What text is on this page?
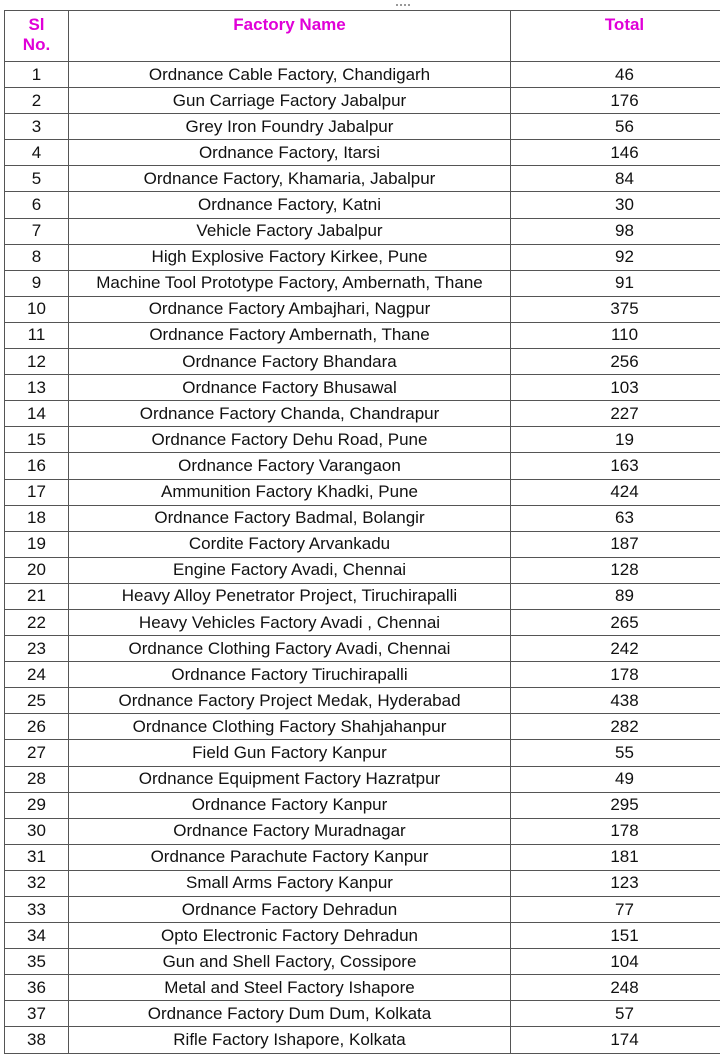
Sl
No.	Factory Name	Total
1	Ordnance Cable Factory, Chandigarh	46
2	Gun Carriage Factory Jabalpur	176
3	Grey Iron Foundry Jabalpur	56
4	Ordnance Factory, Itarsi	146
5	Ordnance Factory, Khamaria, Jabalpur	84
6	Ordnance Factory, Katni	30
7	Vehicle Factory Jabalpur	98
8	High Explosive Factory Kirkee, Pune	92
9	Machine Tool Prototype Factory, Ambernath, Thane	91
10	Ordnance Factory Ambajhari, Nagpur	375
11	Ordnance Factory Ambernath, Thane	110
12	Ordnance Factory Bhandara	256
13	Ordnance Factory Bhusawal	103
14	Ordnance Factory Chanda, Chandrapur	227
15	Ordnance Factory Dehu Road, Pune	19
16	Ordnance Factory Varangaon	163
17	Ammunition Factory Khadki, Pune	424
18	Ordnance Factory Badmal, Bolangir	63
19	Cordite Factory Arvankadu	187
20	Engine Factory Avadi, Chennai	128
21	Heavy Alloy Penetrator Project, Tiruchirapalli	89
22	Heavy Vehicles Factory Avadi , Chennai	265
23	Ordnance Clothing Factory Avadi, Chennai	242
24	Ordnance Factory Tiruchirapalli	178
25	Ordnance Factory Project Medak, Hyderabad	438
26	Ordnance Clothing Factory Shahjahanpur	282
27	Field Gun Factory Kanpur	55
28	Ordnance Equipment Factory Hazratpur	49
29	Ordnance Factory Kanpur	295
30	Ordnance Factory Muradnagar	178
31	Ordnance Parachute Factory Kanpur	181
32	Small Arms Factory Kanpur	123
33	Ordnance Factory Dehradun	77
34	Opto Electronic Factory Dehradun	151
35	Gun and Shell Factory, Cossipore	104
36	Metal and Steel Factory Ishapore	248
37	Ordnance Factory Dum Dum, Kolkata	57
38	Rifle Factory Ishapore, Kolkata	174
